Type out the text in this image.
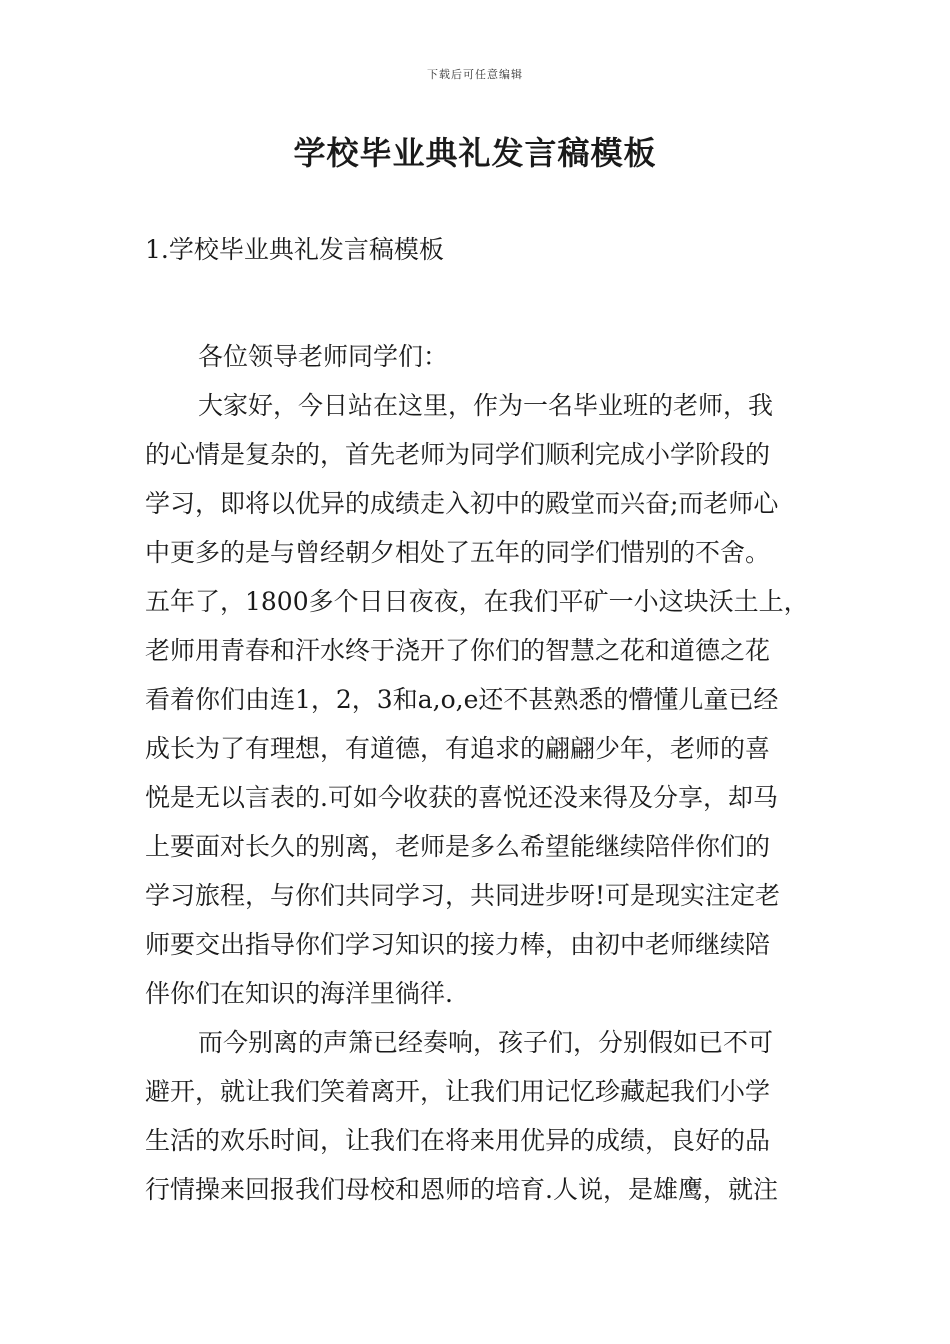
下载后可任意编辑
学校毕业典礼发言稿模板
1.学校毕业典礼发言稿模板
各位领导老师同学们：
大家好，今日站在这里，作为一名毕业班的老师，我
的心情是复杂的，首先老师为同学们顺利完成小学阶段的
学习，即将以优异的成绩走入初中的殿堂而兴奋;而老师心
中更多的是与曾经朝夕相处了五年的同学们惜别的不舍。
五年了，1800多个日日夜夜，在我们平矿一小这块沃土上，
老师用青春和汗水终于浇开了你们的智慧之花和道德之花
看着你们由连1，2，3和a,o,e还不甚熟悉的懵懂儿童已经
成长为了有理想，有道德，有追求的翩翩少年，老师的喜
悦是无以言表的.可如今收获的喜悦还没来得及分享，却马
上要面对长久的别离，老师是多么希望能继续陪伴你们的
学习旅程，与你们共同学习，共同进步呀!可是现实注定老
师要交出指导你们学习知识的接力棒，由初中老师继续陪
伴你们在知识的海洋里徜徉.
而今别离的声箫已经奏响，孩子们，分别假如已不可
避开，就让我们笑着离开，让我们用记忆珍藏起我们小学
生活的欢乐时间，让我们在将来用优异的成绩，良好的品
行情操来回报我们母校和恩师的培育.人说，是雄鹰，就注
